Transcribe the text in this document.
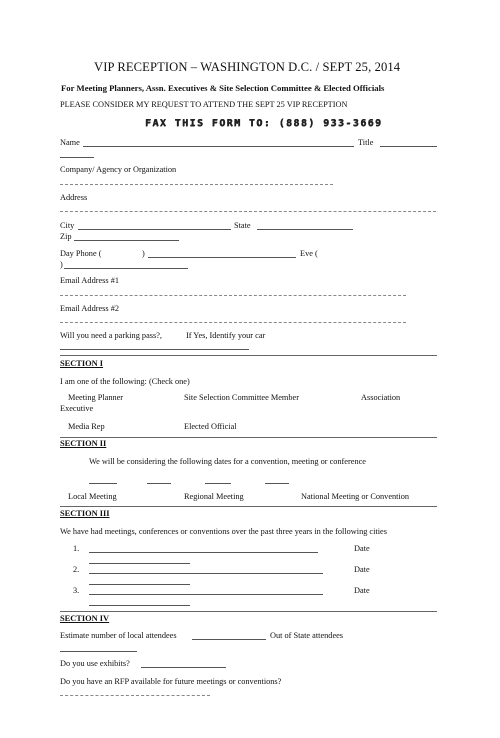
VIP RECEPTION – WASHINGTON D.C. / SEPT 25, 2014
For Meeting Planners, Assn. Executives & Site Selection Committee & Elected Officials
PLEASE CONSIDER MY REQUEST TO ATTEND THE SEPT 25 VIP RECEPTION
FAX THIS FORM TO: (888) 933-3669
Name	Title
Company/ Agency or Organization
Address
City	State
Zip
Day Phone (	)	Eve (
)
Email Address #1
Email Address #2
Will you need a parking pass?,	If Yes, Identify your car
SECTION I
I am one of the following: (Check one)
Meeting Planner	Site Selection Committee Member	Association
Executive
Media Rep	Elected Official
SECTION II
We will be considering the following dates for a convention, meeting or conference
Local Meeting	Regional Meeting	National Meeting or Convention
SECTION III
We have had meetings, conferences or conventions over the past three years in the following cities
1.	Date
2.	Date
3.	Date
SECTION IV
Estimate number of local attendees	Out of State attendees
Do you use exhibits?
Do you have an RFP available for future meetings or conventions?
